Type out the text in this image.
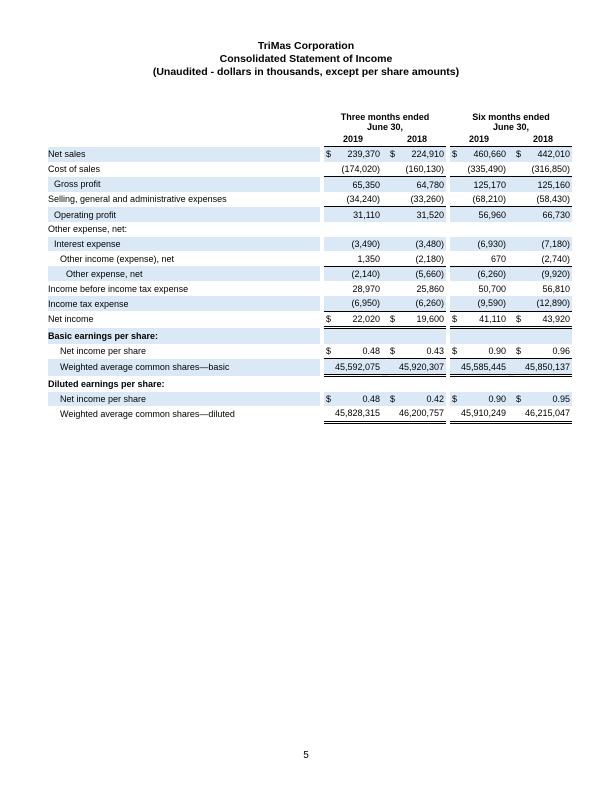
TriMas Corporation
Consolidated Statement of Income
(Unaudited - dollars in thousands, except per share amounts)

		Three months ended
June 30,				Six months ended
June 30,		

		2019		2018		2019		2018
Net sales		$ 239,370		$ 224,910		$ 460,660		$ 442,010
Cost of sales		(174,020)		(160,130)		(335,490)		(316,850)
Gross profit		65,350		64,780		125,170		125,160
Selling, general and administrative expenses		(34,240)		(33,260)		(68,210)		(58,430)
Operating profit		31,110		31,520		56,960		66,730
Other expense, net:								
Interest expense		(3,490)		(3,480)		(6,930)		(7,180)
Other income (expense), net		1,350		(2,180)		670		(2,740)
Other expense, net		(2,140)		(5,660)		(6,260)		(9,920)
Income before income tax expense		28,970		25,860		50,700		56,810
Income tax expense		(6,950)		(6,260)		(9,590)		(12,890)
Net income		$ 22,020		$ 19,600		$ 41,110		$ 43,920
Basic earnings per share:								
Net income per share		$ 0.48		$ 0.43		$ 0.90		$ 0.96
Weighted average common shares—basic		45,592,075		45,920,307		45,585,445		45,850,137
Diluted earnings per share:								
Net income per share		$ 0.48		$ 0.42		$ 0.90		$ 0.95
Weighted average common shares—diluted		45,828,315		46,200,757		45,910,249		46,215,047
5
